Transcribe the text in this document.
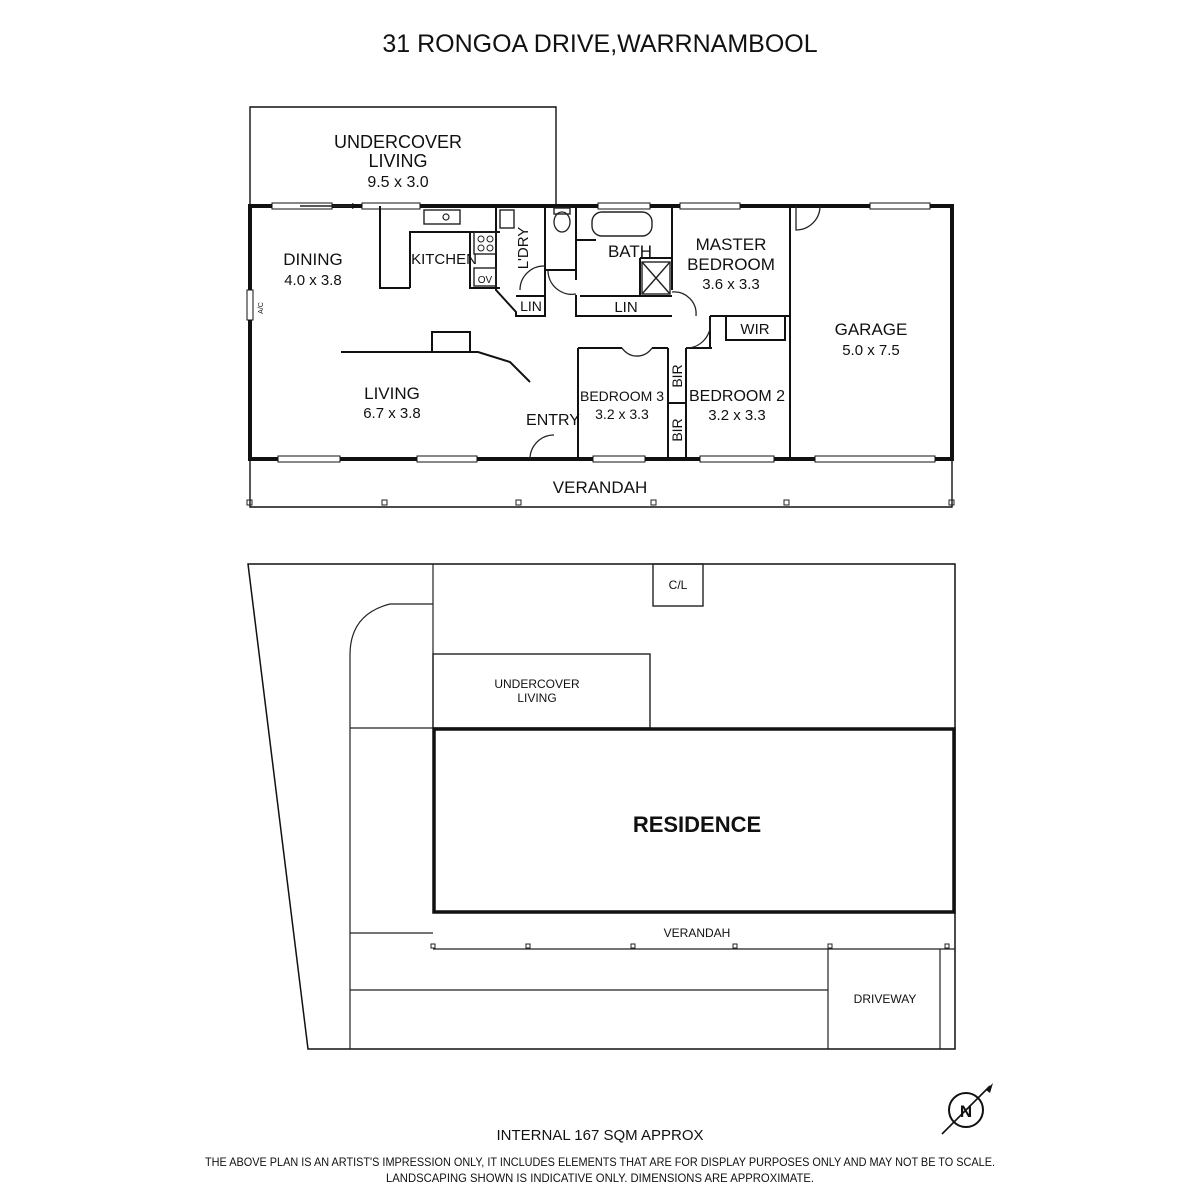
31 RONGOA DRIVE,WARRNAMBOOL
UNDERCOVER
LIVING
9.5 x 3.0
DINING
4.0 x 3.8
KITCHEN
OV
L'DRY
LIN
BATH
LIN
MASTER
BEDROOM
3.6 x 3.3
WIR	GARAGE
5.0 x 7.5
LIVING
6.7 x 3.8	ENTRY
BEDROOM 3
3.2 x 3.3
BIR
BIR
BEDROOM 2
3.2 x 3.3
VERANDAH
A/C
C/L
UNDERCOVER
LIVING
RESIDENCE
VERANDAH
DRIVEWAY
N
INTERNAL 167 SQM APPROX
THE ABOVE PLAN IS AN ARTIST'S IMPRESSION ONLY, IT INCLUDES ELEMENTS THAT ARE FOR DISPLAY PURPOSES ONLY AND MAY NOT BE TO SCALE.
LANDSCAPING SHOWN IS INDICATIVE ONLY. DIMENSIONS ARE APPROXIMATE.
